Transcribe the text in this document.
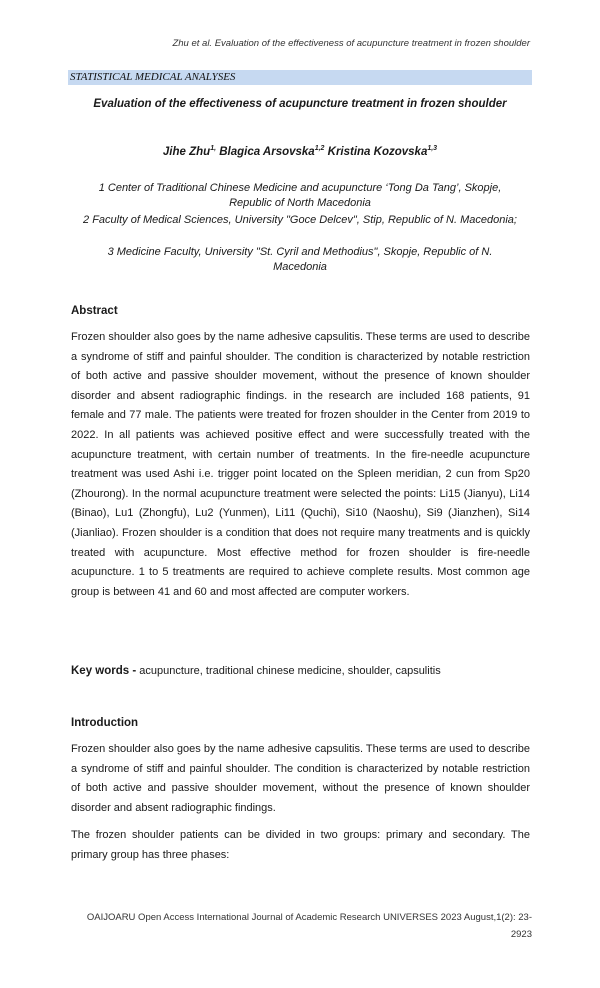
Zhu et al. Evaluation of the effectiveness of acupuncture treatment in frozen shoulder
STATISTICAL MEDICAL ANALYSES
Evaluation of the effectiveness of acupuncture treatment in frozen shoulder
Jihe Zhu$^{1,}$ Blagica Arsovska$^{1,2}$ Kristina Kozovska$^{1,3}$
1 Center of Traditional Chinese Medicine and acupuncture ‘Tong Da Tang’, Skopje, Republic of North Macedonia
2 Faculty of Medical Sciences, University "Goce Delcev", Stip, Republic of N. Macedonia;
3 Medicine Faculty, University "St. Cyril and Methodius", Skopje, Republic of N. Macedonia
Abstract

Frozen shoulder also goes by the name adhesive capsulitis. These terms are used to describe a syndrome of stiff and painful shoulder. The condition is characterized by notable restriction of both active and passive shoulder movement, without the presence of known shoulder disorder and absent radiographic findings. in the research are included 168 patients, 91 female and 77 male. The patients were treated for frozen shoulder in the Center from 2019 to 2022. In all patients was achieved positive effect and were successfully treated with the acupuncture treatment, with certain number of treatments. In the fire-needle acupuncture treatment was used Ashi i.e. trigger point located on the Spleen meridian, 2 cun from Sp20 (Zhourong). In the normal acupuncture treatment were selected the points: Li15 (Jianyu), Li14 (Binao), Lu1 (Zhongfu), Lu2 (Yunmen), Li11 (Quchi), Si10 (Naoshu), Si9 (Jianzhen), Si14 (Jianliao). Frozen shoulder is a condition that does not require many treatments and is quickly treated with acupuncture. Most effective method for frozen shoulder is fire-needle acupuncture. 1 to 5 treatments are required to achieve complete results. Most common age group is between 41 and 60 and most affected are computer workers.

Key words - acupuncture, traditional chinese medicine, shoulder, capsulitis
Introduction

Frozen shoulder also goes by the name adhesive capsulitis. These terms are used to describe a syndrome of stiff and painful shoulder. The condition is characterized by notable restriction of both active and passive shoulder movement, without the presence of known shoulder disorder and absent radiographic findings.

The frozen shoulder patients can be divided in two groups: primary and secondary. The primary group has three phases:

OAIJOARU Open Access International Journal of Academic Research UNIVERSES 2023 August,1(2): 23-
2923
